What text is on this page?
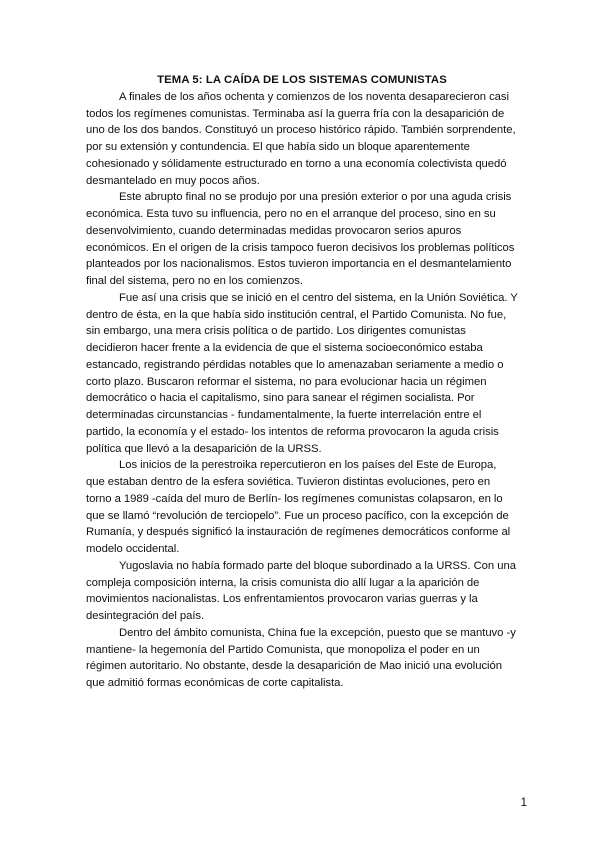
TEMA 5: LA CAÍDA DE LOS SISTEMAS COMUNISTAS

A finales de los años ochenta y comienzos de los noventa desaparecieron casi todos los regímenes comunistas. Terminaba así la guerra fría con la desaparición de uno de los dos bandos. Constituyó un proceso histórico rápido. También sorprendente, por su extensión y contundencia. El que había sido un bloque aparentemente cohesionado y sólidamente estructurado en torno a una economía colectivista quedó desmantelado en muy pocos años.

Este abrupto final no se produjo por una presión exterior o por una aguda crisis económica. Esta tuvo su influencia, pero no en el arranque del proceso, sino en su desenvolvimiento, cuando determinadas medidas provocaron serios apuros económicos. En el origen de la crisis tampoco fueron decisivos los problemas políticos planteados por los nacionalismos. Estos tuvieron importancia en el desmantelamiento final del sistema, pero no en los comienzos.

Fue así una crisis que se inició en el centro del sistema, en la Unión Soviética. Y dentro de ésta, en la que había sido institución central, el Partido Comunista. No fue, sin embargo, una mera crisis política o de partido. Los dirigentes comunistas decidieron hacer frente a la evidencia de que el sistema socioeconómico estaba estancado, registrando pérdidas notables que lo amenazaban seriamente a medio o corto plazo. Buscaron reformar el sistema, no para evolucionar hacia un régimen democrático o hacia el capitalismo, sino para sanear el régimen socialista. Por determinadas circunstancias - fundamentalmente, la fuerte interrelación entre el partido, la economía y el estado- los intentos de reforma provocaron la aguda crisis política que llevó a la desaparición de la URSS.

Los inicios de la perestroika repercutieron en los países del Este de Europa, que estaban dentro de la esfera soviética. Tuvieron distintas evoluciones, pero en torno a 1989 -caída del muro de Berlín- los regímenes comunistas colapsaron, en lo que se llamó “revolución de terciopelo”. Fue un proceso pacífico, con la excepción de Rumanía, y después significó la instauración de regímenes democráticos conforme al modelo occidental.

Yugoslavia no había formado parte del bloque subordinado a la URSS. Con una compleja composición interna, la crisis comunista dio allí lugar a la aparición de movimientos nacionalistas. Los enfrentamientos provocaron varias guerras y la desintegración del país.

Dentro del ámbito comunista, China fue la excepción, puesto que se mantuvo -y mantiene- la hegemonía del Partido Comunista, que monopoliza el poder en un régimen autoritario. No obstante, desde la desaparición de Mao inició una evolución que admitió formas económicas de corte capitalista.

1
